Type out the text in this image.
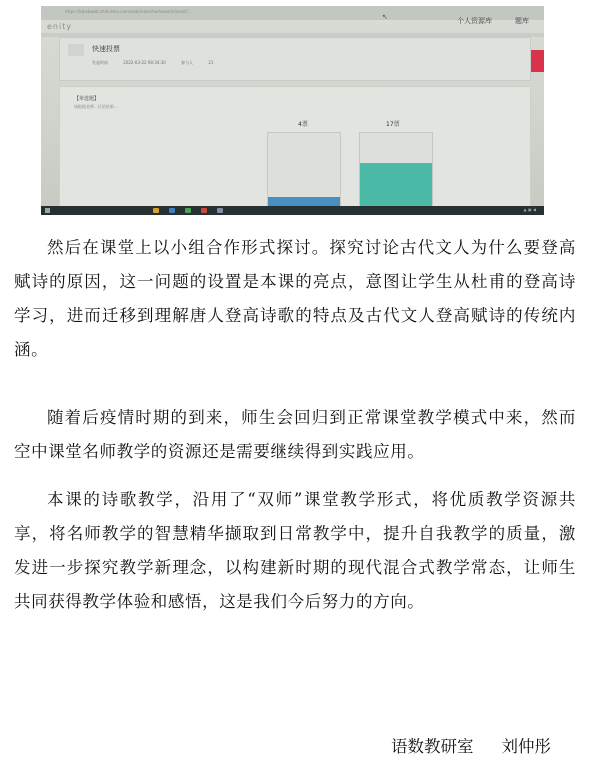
https://ktpsbweb.zhihuishu.com/web/index/homework/result?...
↖
enity
个人资源库	题库
快速投票
发起时间	2022-03-22 08:34:30	参与人	21
【单选题】
请根据老师...讨论结果...
4票	17票
▲ ▣ ◀

然后在课堂上以小组合作形式探讨。探究讨论古代文人为什么要登高赋诗的原因，这一问题的设置是本课的亮点，意图让学生从杜甫的登高诗学习，进而迁移到理解唐人登高诗歌的特点及古代文人登高赋诗的传统内涵。

随着后疫情时期的到来，师生会回归到正常课堂教学模式中来，然而空中课堂名师教学的资源还是需要继续得到实践应用。

本课的诗歌教学，沿用了“双师”课堂教学形式，将优质教学资源共享，将名师教学的智慧精华撷取到日常教学中，提升自我教学的质量，激发进一步探究教学新理念，以构建新时期的现代混合式教学常态，让师生共同获得教学体验和感悟，这是我们今后努力的方向。

语数教研室 刘仲彤
